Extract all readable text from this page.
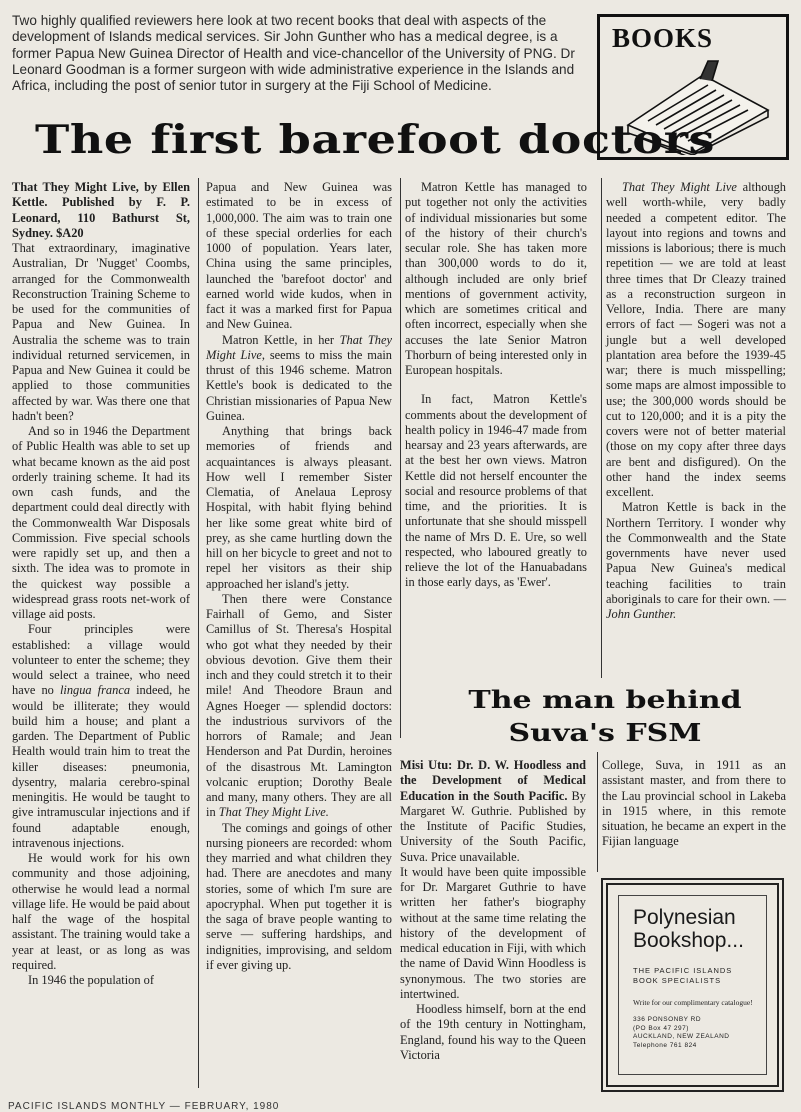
Two highly qualified reviewers here look at two recent books that deal with aspects of the development of Islands medical services. Sir John Gunther who has a medical degree, is a former Papua New Guinea Director of Health and vice-chancellor of the University of PNG. Dr Leonard Goodman is a former surgeon with wide administrative experience in the Islands and Africa, including the post of senior tutor in surgery at the Fiji School of Medicine.

BOOKS
The first barefoot doctors

That They Might Live, by Ellen Kettle. Published by F. P. Leonard, 110 Bathurst St, Sydney. $A20

That extraordinary, imaginative Australian, Dr 'Nugget' Coombs, arranged for the Commonwealth Reconstruction Training Scheme to be used for the communities of Papua and New Guinea. In Australia the scheme was to train individual returned servicemen, in Papua and New Guinea it could be applied to those communities affected by war. Was there one that hadn't been?

And so in 1946 the Department of Public Health was able to set up what became known as the aid post orderly training scheme. It had its own cash funds, and the department could deal directly with the Commonwealth War Disposals Commission. Five special schools were rapidly set up, and then a sixth. The idea was to promote in the quickest way possible a widespread grass roots net-work of village aid posts.

Four principles were established: a village would volunteer to enter the scheme; they would select a trainee, who need have no lingua franca indeed, he would be illiterate; they would build him a house; and plant a garden. The Department of Public Health would train him to treat the killer diseases: pneumonia, dysentry, malaria cerebro-spinal meningitis. He would be taught to give intramuscular injections and if found adaptable enough, intravenous injections.

He would work for his own community and those adjoining, otherwise he would lead a normal village life. He would be paid about half the wage of the hospital assistant. The training would take a year at least, or as long as was required.

In 1946 the population of

Papua and New Guinea was estimated to be in excess of 1,000,000. The aim was to train one of these special orderlies for each 1000 of population. Years later, China using the same principles, launched the 'barefoot doctor' and earned world wide kudos, when in fact it was a marked first for Papua and New Guinea.

Matron Kettle, in her That They Might Live, seems to miss the main thrust of this 1946 scheme. Matron Kettle's book is dedicated to the Christian missionaries of Papua New Guinea.

Anything that brings back memories of friends and acquaintances is always pleasant. How well I remember Sister Clematia, of Anelaua Leprosy Hospital, with habit flying behind her like some great white bird of prey, as she came hurtling down the hill on her bicycle to greet and not to repel her visitors as their ship approached her island's jetty.

Then there were Constance Fairhall of Gemo, and Sister Camillus of St. Theresa's Hospital who got what they needed by their obvious devotion. Give them their inch and they could stretch it to their mile! And Theodore Braun and Agnes Hoeger — splendid doctors: the industrious survivors of the horrors of Ramale; and Jean Henderson and Pat Durdin, heroines of the disastrous Mt. Lamington volcanic eruption; Dorothy Beale and many, many others. They are all in That They Might Live.

The comings and goings of other nursing pioneers are recorded: whom they married and what children they had. There are anecdotes and many stories, some of which I'm sure are apocryphal. When put together it is the saga of brave people wanting to serve — suffering hardships, and indignities, improvising, and seldom if ever giving up.

Matron Kettle has managed to put together not only the activities of individual missionaries but some of the history of their church's secular role. She has taken more than 300,000 words to do it, although included are only brief mentions of government activity, which are sometimes critical and often incorrect, especially when she accuses the late Senior Matron Thorburn of being interested only in European hospitals.

In fact, Matron Kettle's comments about the development of health policy in 1946-47 made from hearsay and 23 years afterwards, are at the best her own views. Matron Kettle did not herself encounter the social and resource problems of that time, and the priorities. It is unfortunate that she should misspell the name of Mrs D. E. Ure, so well respected, who laboured greatly to relieve the lot of the Hanuabadans in those early days, as 'Ewer'.

That They Might Live although well worth-while, very badly needed a competent editor. The layout into regions and towns and missions is laborious; there is much repetition — we are told at least three times that Dr Cleazy trained as a reconstruction surgeon in Vellore, India. There are many errors of fact — Sogeri was not a jungle but a well developed plantation area before the 1939-45 war; there is much misspelling; some maps are almost impossible to use; the 300,000 words should be cut to 120,000; and it is a pity the covers were not of better material (those on my copy after three days are bent and disfigured). On the other hand the index seems excellent.

Matron Kettle is back in the Northern Territory. I wonder why the Commonwealth and the State governments have never used Papua New Guinea's medical teaching facilities to train aboriginals to care for their own. — John Gunther.

The man behind
Suva's FSM

Misi Utu: Dr. D. W. Hoodless and the Development of Medical Education in the South Pacific. By Margaret W. Guthrie. Published by the Institute of Pacific Studies, University of the South Pacific, Suva. Price unavailable.

It would have been quite impossible for Dr. Margaret Guthrie to have written her father's biography without at the same time relating the history of the development of medical education in Fiji, with which the name of David Winn Hoodless is synonymous. The two stories are intertwined.

Hoodless himself, born at the end of the 19th century in Nottingham, England, found his way to the Queen Victoria

College, Suva, in 1911 as an assistant master, and from there to the Lau provincial school in Lakeba in 1915 where, in this remote situation, he became an expert in the Fijian language

Polynesian
Bookshop...
THE PACIFIC ISLANDS
BOOK SPECIALISTS
Write for our complimentary catalogue!
336 PONSONBY RD
(PO Box 47 297)
AUCKLAND, NEW ZEALAND
Telephone 761 824
PACIFIC ISLANDS MONTHLY — FEBRUARY, 1980
